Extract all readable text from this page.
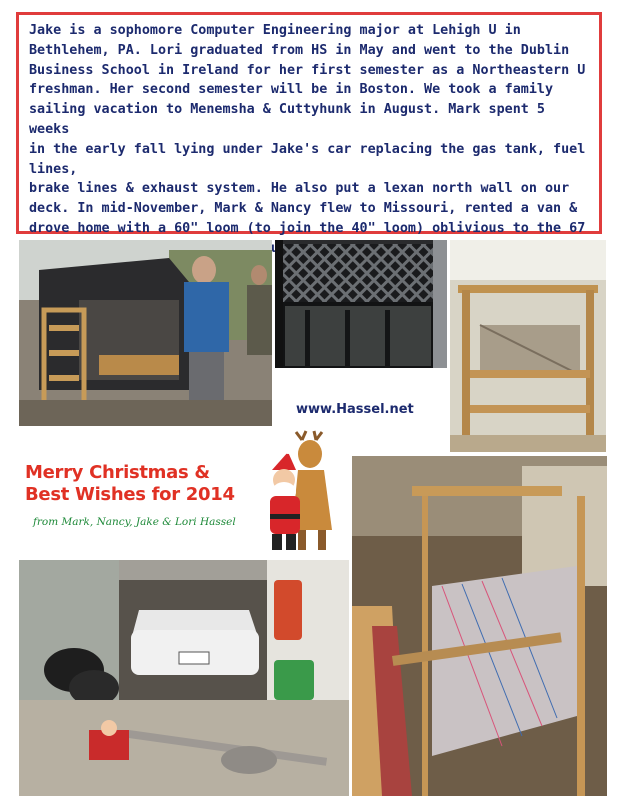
Jake is a sophomore Computer Engineering major at Lehigh U in
Bethlehem, PA. Lori graduated from HS in May and went to the Dublin
Business School in Ireland for her first semester as a Northeastern U
freshman. Her second semester will be in Boston. We took a family
sailing vacation to Menemsha & Cuttyhunk in August. Mark spent 5 weeks
in the early fall lying under Jake's car replacing the gas tank, fuel lines,
brake lines & exhaust system. He also put a lexan north wall on our
deck. In mid-November, Mark & Nancy flew to Missouri, rented a van &
drove home with a 60" loom (to join the 40" loom) oblivious to the 67

www.Hassel.net
Merry Christmas &
Best Wishes for 2014
from Mark, Nancy, Jake & Lori Hassel
